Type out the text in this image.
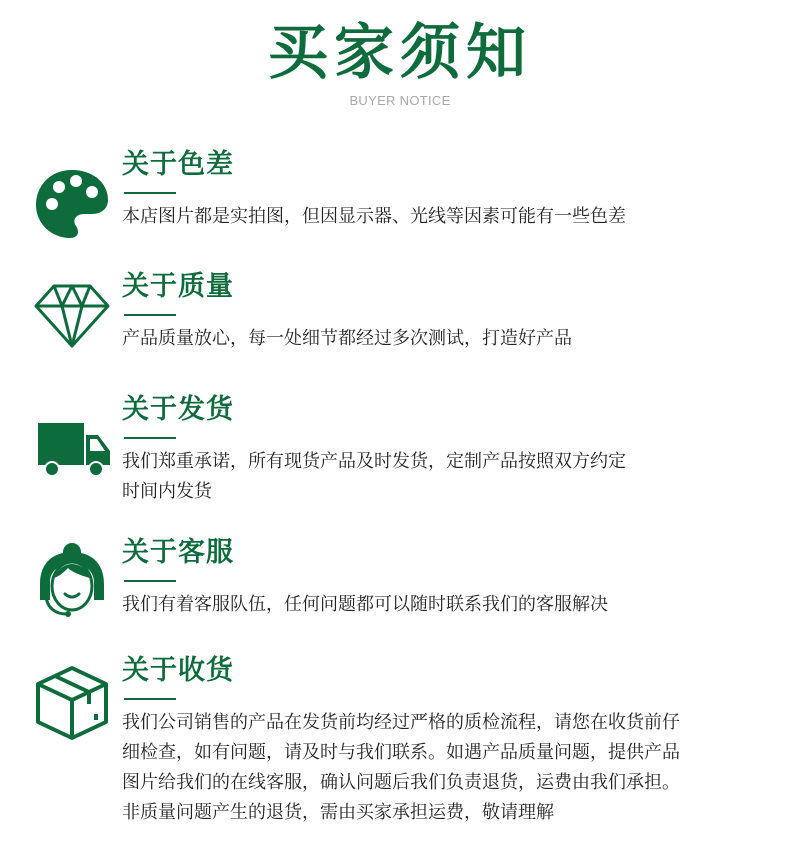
买家须知
BUYER NOTICE
关于色差
本店图片都是实拍图，但因显示器、光线等因素可能有一些色差
关于质量
产品质量放心，每一处细节都经过多次测试，打造好产品
关于发货
我们郑重承诺，所有现货产品及时发货，定制产品按照双方约定
时间内发货
关于客服
我们有着客服队伍，任何问题都可以随时联系我们的客服解决
关于收货
我们公司销售的产品在发货前均经过严格的质检流程，请您在收货前仔
细检查，如有问题，请及时与我们联系。如遇产品质量问题，提供产品
图片给我们的在线客服，确认问题后我们负责退货，运费由我们承担。
非质量问题产生的退货，需由买家承担运费，敬请理解
